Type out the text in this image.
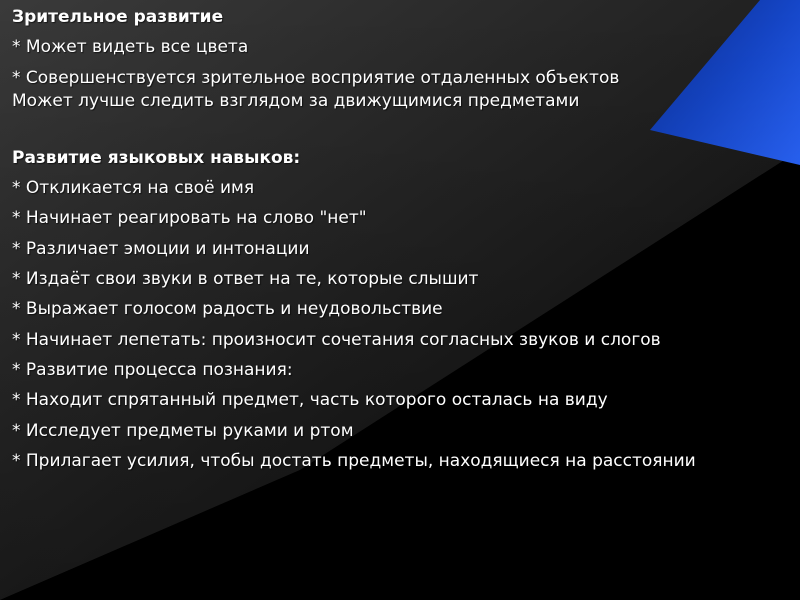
Зрительное развитие

* Может видеть все цвета

* Совершенствуется зрительное восприятие отдаленных объектов

Может лучше следить взглядом за движущимися предметами

Развитие языковых навыков:

* Откликается на своё имя

* Начинает реагировать на слово "нет"

* Различает эмоции и интонации

* Издаёт свои звуки в ответ на те, которые слышит

* Выражает голосом радость и неудовольствие

* Начинает лепетать: произносит сочетания согласных звуков и слогов

* Развитие процесса познания:

* Находит спрятанный предмет, часть которого осталась на виду

* Исследует предметы руками и ртом

* Прилагает усилия, чтобы достать предметы, находящиеся на расстоянии
